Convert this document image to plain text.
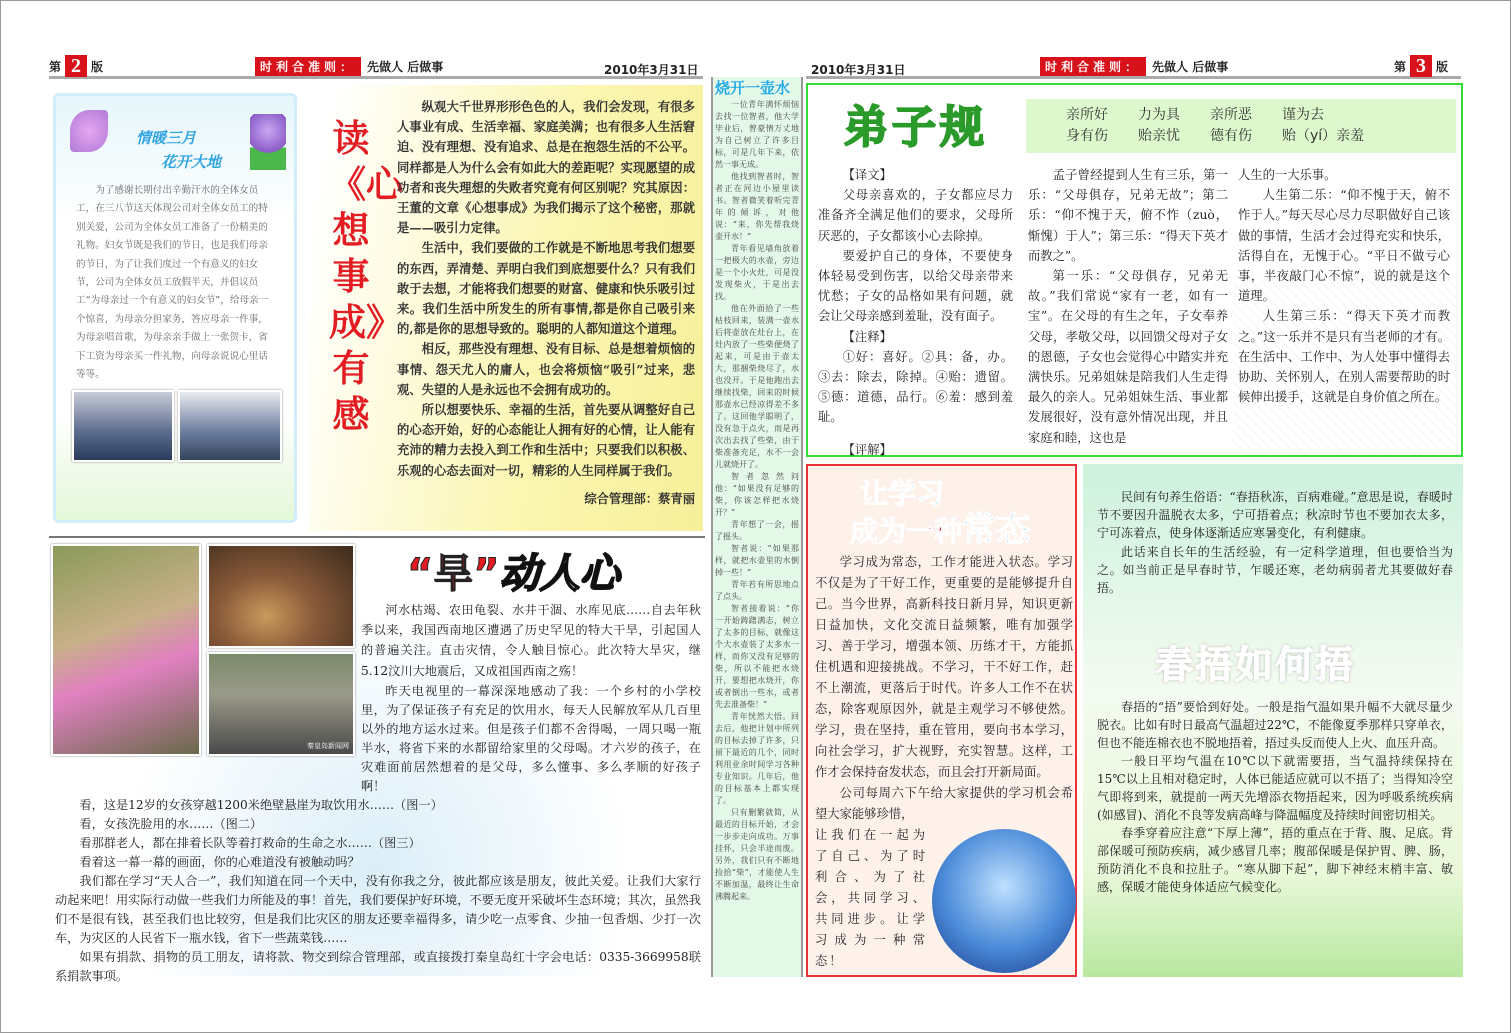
第 2 版	时利合准则： 先做人 后做事	2010年3月31日	2010年3月31日	时利合准则： 先做人 后做事	第 3 版
情暖三月
花开大地

为了感谢长期付出辛勤汗水的全体女员工，在三八节这天体现公司对全体女员工的特别关爱，公司为全体女员工准备了一份精美的礼物。妇女节既是我们的节日，也是我们母亲的节日，为了让我们度过一个有意义的妇女节，公司为全体女员工放假半天，并倡议员工“为母亲过一个有意义的妇女节”，给母亲一个惊喜，为母亲分担家务，答应母亲一件事，为母亲唱首歌，为母亲亲手做上一张贺卡，省下工资为母亲买一件礼物，向母亲说说心里话等等。

读《心想事成》有感

纵观大千世界形形色色的人，我们会发现，有很多人事业有成、生活幸福、家庭美满；也有很多人生活窘迫、没有理想、没有追求、总是在抱怨生活的不公平。同样都是人为什么会有如此大的差距呢？实现愿望的成功者和丧失理想的失败者究竟有何区别呢？究其原因：王董的文章《心想事成》为我们揭示了这个秘密，那就是——吸引力定律。

生活中，我们要做的工作就是不断地思考我们想要的东西，弄清楚、弄明白我们到底想要什么？只有我们敢于去想，才能将我们想要的财富、健康和快乐吸引过来。我们生活中所发生的所有事情,都是你自己吸引来的,都是你的思想导致的。聪明的人都知道这个道理。

相反，那些没有理想、没有目标、总是想着烦恼的事情、怨天尤人的庸人，也会将烦恼“吸引”过来，悲观、失望的人是永远也不会拥有成功的。

所以想要快乐、幸福的生活，首先要从调整好自己的心态开始，好的心态能让人拥有好的心情，让人能有充沛的精力去投入到工作和生活中；只要我们以积极、乐观的心态去面对一切，精彩的人生同样属于我们。

综合管理部：蔡青丽
秦皇岛新闻网
“旱”动人心

河水枯竭、农田龟裂、水井干涸、水库见底……自去年秋季以来，我国西南地区遭遇了历史罕见的特大干旱，引起国人的普遍关注。直击灾情，令人触目惊心。此次特大旱灾，继5.12汶川大地震后，又成祖国西南之殇！

昨天电视里的一幕深深地感动了我：一个乡村的小学校里，为了保证孩子有充足的饮用水，每天人民解放军从几百里以外的地方运水过来。但是孩子们都不舍得喝，一周只喝一瓶半水，将省下来的水都留给家里的父母喝。才六岁的孩子，在灾难面前居然想着的是父母，多么懂事、多么孝顺的好孩子啊！

看，这是12岁的女孩穿越1200米绝壁悬崖为取饮用水……（图一）

看，女孩洗脸用的水……（图二）

看那群老人，都在排着长队等着打救命的生命之水……（图三）

看着这一幕一幕的画面，你的心难道没有被触动吗？

我们都在学习“天人合一”，我们知道在同一个天中，没有你我之分，彼此都应该是朋友，彼此关爱。让我们大家行动起来吧！用实际行动做一些我们力所能及的事！首先，我们要保护好环境，不要无度开采破坏生态环境；其次，虽然我们不是很有钱，甚至我们也比较穷，但是我们比灾区的朋友还要幸福得多，请少吃一点零食、少抽一包香烟、少打一次车，为灾区的人民省下一瓶水钱，省下一些蔬菜钱……

如果有捐款、捐物的员工朋友，请将款、物交到综合管理部，或直接拨打秦皇岛红十字会电话：0335-3669958联系捐款事项。

烧开一壶水

一位青年满怀烦恼去找一位智者，他大学毕业后，曾豪情万丈地为自己树立了许多目标，可是几年下来，依然一事无成。

他找到智者时，智者正在河边小屋里读书。智者微笑着听完青年的倾诉，对他说：“来，你先帮我烧壶开水！”

青年看见墙角放着一把极大的水壶，旁边是一个小火灶，可是没发现柴火，于是出去找。

他在外面拾了一些枯枝回来，装满一壶水后将壶放在灶台上，在灶内放了一些柴便烧了起来，可是由于壶太大，那捆柴烧尽了，水也没开。于是他跑出去继续找柴，回来的时候那壶水已经凉得差不多了。这回他学聪明了，没有急于点火，而是再次出去找了些柴，由于柴准备充足，水不一会儿就烧开了。

智者忽然问他：“如果没有足够的柴，你该怎样把水烧开？”

青年想了一会，摇了摇头。

智者说：“如果那样，就把水壶里的水倒掉一些！”

青年若有所思地点了点头。

智者接着说：“你一开始踌躇满志，树立了太多的目标，就像这个大水壶装了太多水一样，而你又没有足够的柴，所以不能把水烧开，要想把水烧开，你或者倒出一些水，或者先去准备柴！”

青年恍然大悟。回去后，他把计划中所列的目标去掉了许多，只留下最近的几个，同时利用业余时间学习各种专业知识。几年后，他的目标基本上都实现了。

只有删繁就简，从最近的目标开始，才会一步步走向成功。万事挂怀，只会半途而废。另外，我们只有不断地捡拾“柴”，才能使人生不断加温，最终让生命沸腾起来。

弟子规	亲所好 力为具 亲所恶 谨为去
身有伤 贻亲忧 德有伤 贻（yí）亲羞

【译文】

父母亲喜欢的，子女都应尽力准备齐全满足他们的要求，父母所厌恶的，子女都该小心去除掉。

要爱护自己的身体，不要使身体轻易受到伤害，以给父母亲带来忧愁；子女的品格如果有问题，就会让父母亲感到羞耻，没有面子。

【注释】

①好：喜好。②具：备，办。③去：除去，除掉。④贻：遗留。⑤德：道德，品行。⑥羞：感到羞耻。

【评解】

孟子曾经提到人生有三乐，第一乐：“父母俱存，兄弟无故”；第二乐：“仰不愧于天，俯不怍（zuò，惭愧）于人”；第三乐：“得天下英才而教之”。

第一乐：“父母俱存，兄弟无故。”我们常说“家有一老，如有一宝”。在父母的有生之年，子女奉养父母，孝敬父母，以回馈父母对子女的恩德，子女也会觉得心中踏实并充满快乐。兄弟姐妹是陪我们人生走得最久的亲人。兄弟姐妹生活、事业都发展很好，没有意外情况出现，并且家庭和睦，这也是

人生的一大乐事。

人生第二乐：“仰不愧于天，俯不怍于人。”每天尽心尽力尽职做好自己该做的事情，生活才会过得充实和快乐，活得自在，无愧于心。“平日不做亏心事，半夜敲门心不惊”，说的就是这个道理。

人生第三乐：“得天下英才而教之。”这一乐并不是只有当老师的才有。在生活中、工作中、为人处事中懂得去协助、关怀别人，在别人需要帮助的时候伸出援手，这就是自身价值之所在。

让学习
成为一种常态

学习成为常态，工作才能进入状态。学习不仅是为了干好工作，更重要的是能够提升自己。当今世界，高新科技日新月异，知识更新日益加快，文化交流日益频繁，唯有加强学习、善于学习，增强本领、历练才干，方能抓住机遇和迎接挑战。不学习，干不好工作，赶不上潮流，更落后于时代。许多人工作不在状态，除客观原因外，就是主观学习不够使然。学习，贵在坚持，重在管用，要向书本学习，向社会学习，扩大视野，充实智慧。这样，工作才会保持奋发状态，而且会打开新局面。

公司每周六下午给大家提供的学习机会希望大家能够珍惜，

让我们在一起为了自己、为了时利合、为了社会，共同学习、共同进步。让学习成为一种常态！

民间有句养生俗语：“春捂秋冻，百病难碰。”意思是说，春暖时节不要因升温脱衣太多，宁可捂着点；秋凉时节也不要加衣太多，宁可冻着点，使身体逐渐适应寒暑变化，有利健康。

此话来自长年的生活经验，有一定科学道理，但也要恰当为之。如当前正是早春时节，乍暖还寒，老幼病弱者尤其要做好春捂。

春捂如何捂

春捂的“捂”要恰到好处。一般是指气温如果升幅不大就尽量少脱衣。比如有时日最高气温超过22℃，不能像夏季那样只穿单衣，但也不能连棉衣也不脱地捂着，捂过头反而使人上火、血压升高。

一般日平均气温在10℃以下就需要捂，当气温持续保持在15℃以上且相对稳定时，人体已能适应就可以不捂了；当得知冷空气即将到来，就提前一两天先增添衣物捂起来，因为呼吸系统疾病(如感冒)、消化不良等发病高峰与降温幅度及持续时间密切相关。

春季穿着应注意“下厚上薄”，捂的重点在于背、腹、足底。背部保暖可预防疾病，减少感冒几率；腹部保暖是保护胃、脾、肠，预防消化不良和拉肚子。“寒从脚下起”，脚下神经末梢丰富、敏感，保暖才能使身体适应气候变化。
